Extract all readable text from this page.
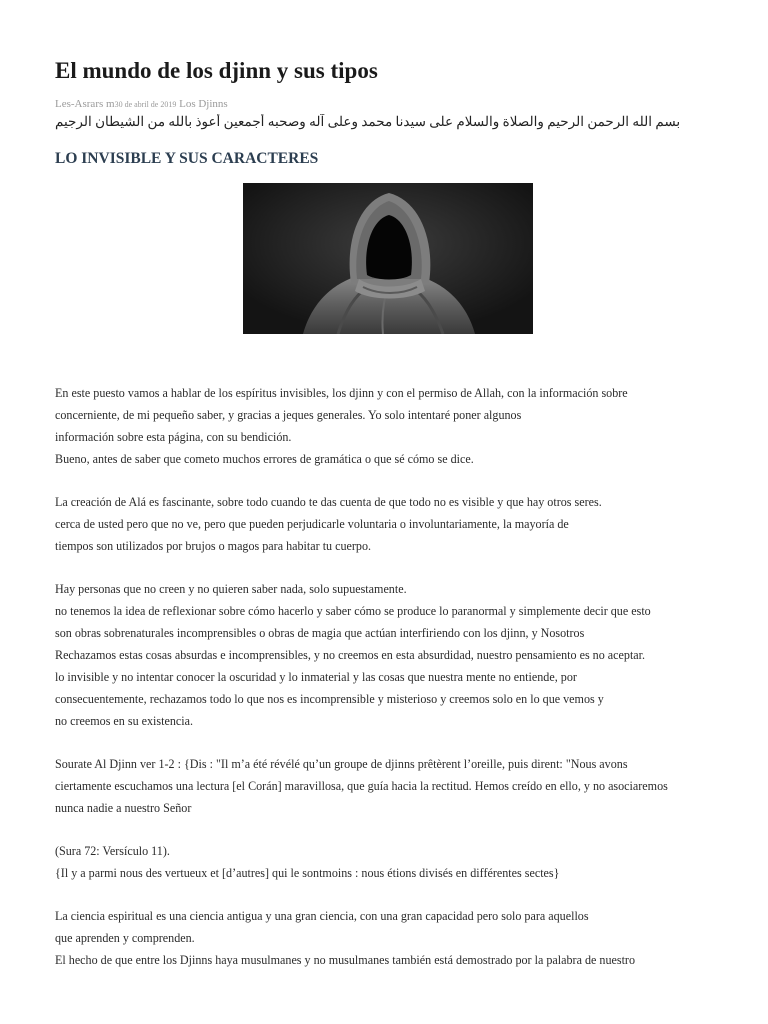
El mundo de los djinn y sus tipos
Les-Asrars m30 de abril de 2019 Los Djinns
بسم الله الرحمن الرحيم والصلاة والسلام على سيدنا محمد وعلى آله وصحبه أجمعين أعوذ بالله من الشيطان الرجيم
LO INVISIBLE Y SUS CARACTERES
En este puesto vamos a hablar de los espíritus invisibles, los djinn y con el permiso de Allah, con la información sobre
concerniente, de mi pequeño saber, y gracias a jeques generales. Yo solo intentaré poner algunos
información sobre esta página, con su bendición.
Bueno, antes de saber que cometo muchos errores de gramática o que sé cómo se dice.
La creación de Alá es fascinante, sobre todo cuando te das cuenta de que todo no es visible y que hay otros seres.
cerca de usted pero que no ve, pero que pueden perjudicarle voluntaria o involuntariamente, la mayoría de
tiempos son utilizados por brujos o magos para habitar tu cuerpo.
Hay personas que no creen y no quieren saber nada, solo supuestamente.
no tenemos la idea de reflexionar sobre cómo hacerlo y saber cómo se produce lo paranormal y simplemente decir que esto
son obras sobrenaturales incomprensibles o obras de magia que actúan interfiriendo con los djinn, y Nosotros
Rechazamos estas cosas absurdas e incomprensibles, y no creemos en esta absurdidad, nuestro pensamiento es no aceptar.
lo invisible y no intentar conocer la oscuridad y lo inmaterial y las cosas que nuestra mente no entiende, por
consecuentemente, rechazamos todo lo que nos es incomprensible y misterioso y creemos solo en lo que vemos y
no creemos en su existencia.
Sourate Al Djinn ver 1-2 : {Dis : "Il m’a été révélé qu’un groupe de djinns prêtèrent l’oreille, puis dirent: "Nous avons
ciertamente escuchamos una lectura [el Corán] maravillosa, que guía hacia la rectitud. Hemos creído en ello, y no asociaremos
nunca nadie a nuestro Señor
(Sura 72: Versículo 11).
{Il y a parmi nous des vertueux et [d’autres] qui le sontmoins : nous étions divisés en différentes sectes}
La ciencia espiritual es una ciencia antigua y una gran ciencia, con una gran capacidad pero solo para aquellos
que aprenden y comprenden.
El hecho de que entre los Djinns haya musulmanes y no musulmanes también está demostrado por la palabra de nuestro
